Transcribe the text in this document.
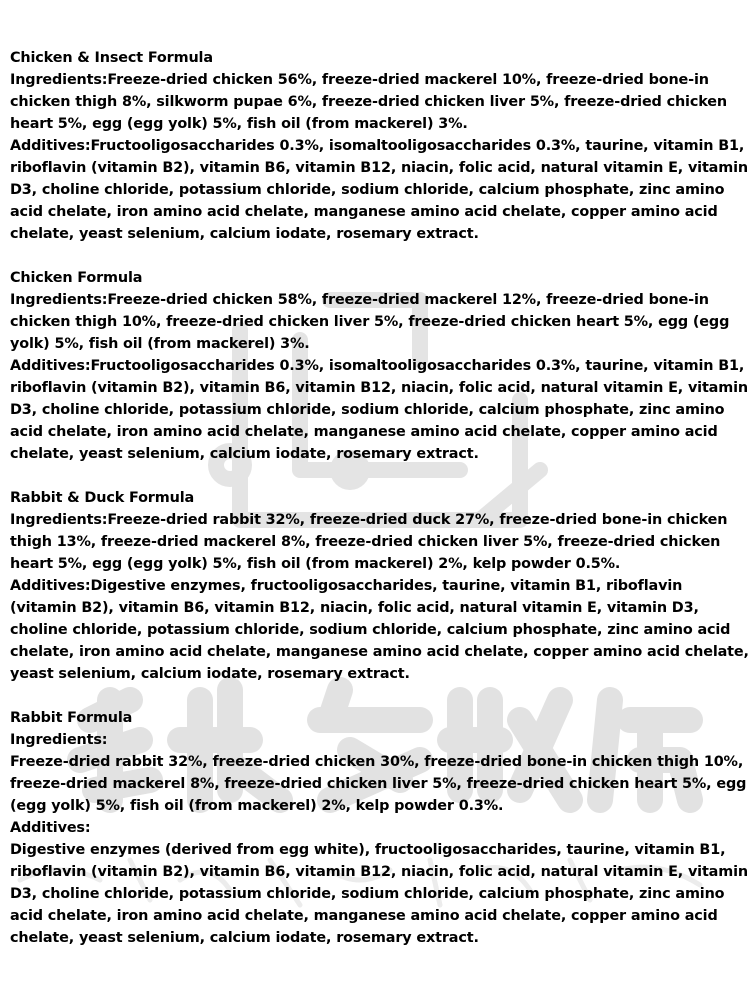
Chicken & Insect Formula

Ingredients:Freeze-dried chicken 56%, freeze-dried mackerel 10%, freeze-dried bone-in chicken thigh 8%, silkworm pupae 6%, freeze-dried chicken liver 5%, freeze-dried chicken heart 5%, egg (egg yolk) 5%, fish oil (from mackerel) 3%.

Additives:Fructooligosaccharides 0.3%, isomaltooligosaccharides 0.3%, taurine, vitamin B1, riboflavin (vitamin B2), vitamin B6, vitamin B12, niacin, folic acid, natural vitamin E, vitamin D3, choline chloride, potassium chloride, sodium chloride, calcium phosphate, zinc amino acid chelate, iron amino acid chelate, manganese amino acid chelate, copper amino acid chelate, yeast selenium, calcium iodate, rosemary extract.

Chicken Formula

Ingredients:Freeze-dried chicken 58%, freeze-dried mackerel 12%, freeze-dried bone-in chicken thigh 10%, freeze-dried chicken liver 5%, freeze-dried chicken heart 5%, egg (egg yolk) 5%, fish oil (from mackerel) 3%.

Additives:Fructooligosaccharides 0.3%, isomaltooligosaccharides 0.3%, taurine, vitamin B1, riboflavin (vitamin B2), vitamin B6, vitamin B12, niacin, folic acid, natural vitamin E, vitamin D3, choline chloride, potassium chloride, sodium chloride, calcium phosphate, zinc amino acid chelate, iron amino acid chelate, manganese amino acid chelate, copper amino acid chelate, yeast selenium, calcium iodate, rosemary extract.

Rabbit & Duck Formula

Ingredients:Freeze-dried rabbit 32%, freeze-dried duck 27%, freeze-dried bone-in chicken thigh 13%, freeze-dried mackerel 8%, freeze-dried chicken liver 5%, freeze-dried chicken heart 5%, egg (egg yolk) 5%, fish oil (from mackerel) 2%, kelp powder 0.5%.

Additives:Digestive enzymes, fructooligosaccharides, taurine, vitamin B1, riboflavin (vitamin B2), vitamin B6, vitamin B12, niacin, folic acid, natural vitamin E, vitamin D3, choline chloride, potassium chloride, sodium chloride, calcium phosphate, zinc amino acid chelate, iron amino acid chelate, manganese amino acid chelate, copper amino acid chelate, yeast selenium, calcium iodate, rosemary extract.

Rabbit Formula

Ingredients:

Freeze-dried rabbit 32%, freeze-dried chicken 30%, freeze-dried bone-in chicken thigh 10%, freeze-dried mackerel 8%, freeze-dried chicken liver 5%, freeze-dried chicken heart 5%, egg (egg yolk) 5%, fish oil (from mackerel) 2%, kelp powder 0.3%.

Additives:

Digestive enzymes (derived from egg white), fructooligosaccharides, taurine, vitamin B1, riboflavin (vitamin B2), vitamin B6, vitamin B12, niacin, folic acid, natural vitamin E, vitamin D3, choline chloride, potassium chloride, sodium chloride, calcium phosphate, zinc amino acid chelate, iron amino acid chelate, manganese amino acid chelate, copper amino acid chelate, yeast selenium, calcium iodate, rosemary extract.
